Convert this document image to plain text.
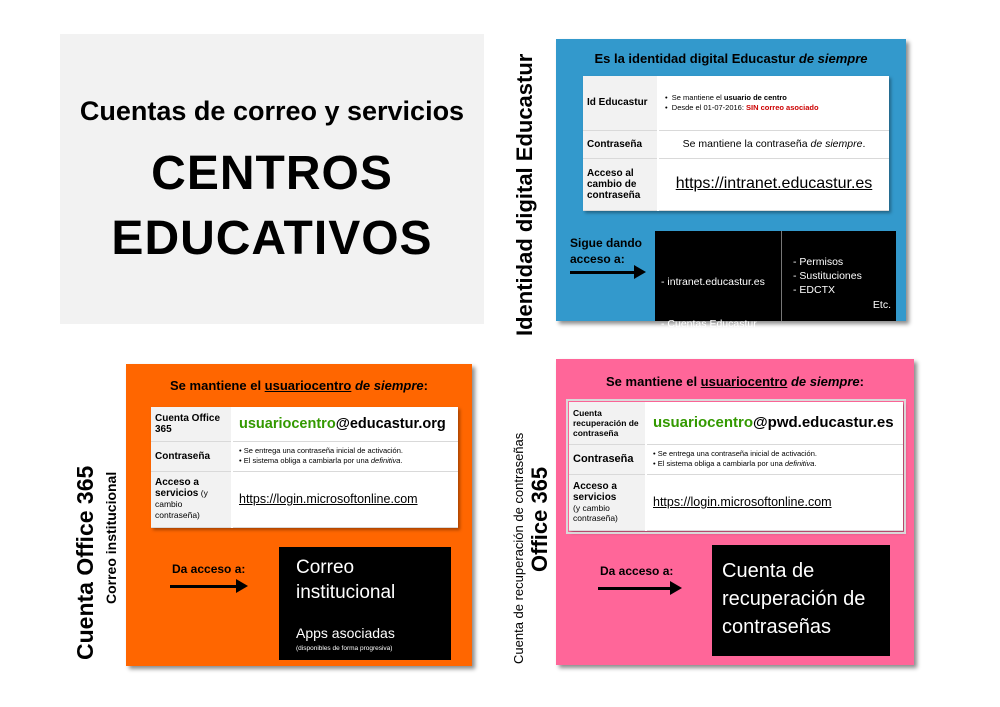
Cuentas de correo y servicios
CENTROS
EDUCATIVOS	Identidad digital Educastur	Es la identidad digital Educastur de siempre
Id Educastur	•  Se mantiene el usuario de centro
•  Desde el 01-07-2016: SIN correo asociado

Contraseña	Se mantiene la contraseña de siempre.
Acceso al cambio de contraseña	https://intranet.educastur.es
Sigue dando acceso a:

- intranet.educastur.es

- Cuentas Educastur

- Permisos
- Sustituciones
- EDCTX
Etc.
Cuenta Office 365 Correo institucional
Se mantiene el usuariocentro de siempre:
Cuenta Office 365	usuariocentro@educastur.org
Contraseña	• Se entrega una contraseña inicial de activación.
• El sistema obliga a cambiarla por una definitiva.

Acceso a servicios (y cambio contraseña)	https://login.microsoftonline.com
Da acceso a:	Correo institucional
Apps asociadas
(disponibles de forma progresiva)	Cuenta de recuperación de contraseñas Office 365
Se mantiene el usuariocentro de siempre:
Cuenta recuperación de contraseña	usuariocentro@pwd.educastur.es
Contraseña	• Se entrega una contraseña inicial de activación.
• El sistema obliga a cambiarla por una definitiva.

Acceso a servicios
(y cambio contraseña)	https://login.microsoftonline.com
Da acceso a: Cuenta de recuperación de contraseñas
